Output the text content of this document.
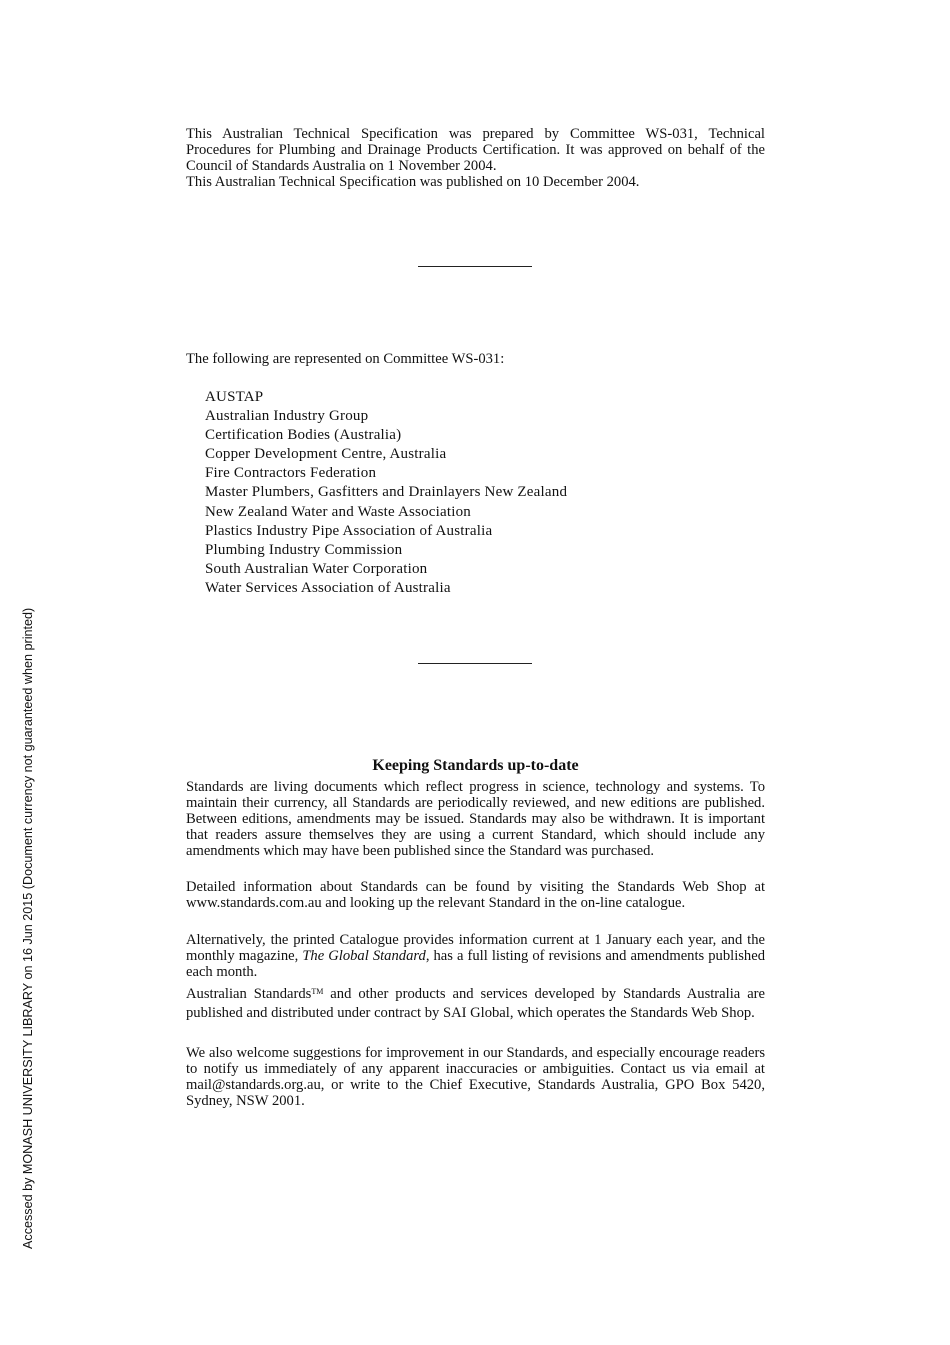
This Australian Technical Specification was prepared by Committee WS-031, Technical Procedures for Plumbing and Drainage Products Certification. It was approved on behalf of the Council of Standards Australia on 1 November 2004.
This Australian Technical Specification was published on 10 December 2004.
The following are represented on Committee WS-031:
AUSTAP
Australian Industry Group
Certification Bodies (Australia)
Copper Development Centre, Australia
Fire Contractors Federation
Master Plumbers, Gasfitters and Drainlayers New Zealand
New Zealand Water and Waste Association
Plastics Industry Pipe Association of Australia
Plumbing Industry Commission
South Australian Water Corporation
Water Services Association of Australia
Keeping Standards up-to-date

Standards are living documents which reflect progress in science, technology and systems. To maintain their currency, all Standards are periodically reviewed, and new editions are published. Between editions, amendments may be issued. Standards may also be withdrawn. It is important that readers assure themselves they are using a current Standard, which should include any amendments which may have been published since the Standard was purchased.

Detailed information about Standards can be found by visiting the Standards Web Shop at www.standards.com.au and looking up the relevant Standard in the on-line catalogue.

Alternatively, the printed Catalogue provides information current at 1 January each year, and the monthly magazine, The Global Standard, has a full listing of revisions and amendments published each month.

Australian Standards™ and other products and services developed by Standards Australia are published and distributed under contract by SAI Global, which operates the Standards Web Shop.

We also welcome suggestions for improvement in our Standards, and especially encourage readers to notify us immediately of any apparent inaccuracies or ambiguities. Contact us via email at mail@standards.org.au, or write to the Chief Executive, Standards Australia, GPO Box 5420, Sydney, NSW 2001.

Accessed by MONASH UNIVERSITY LIBRARY on 16 Jun 2015 (Document currency not guaranteed when printed)
